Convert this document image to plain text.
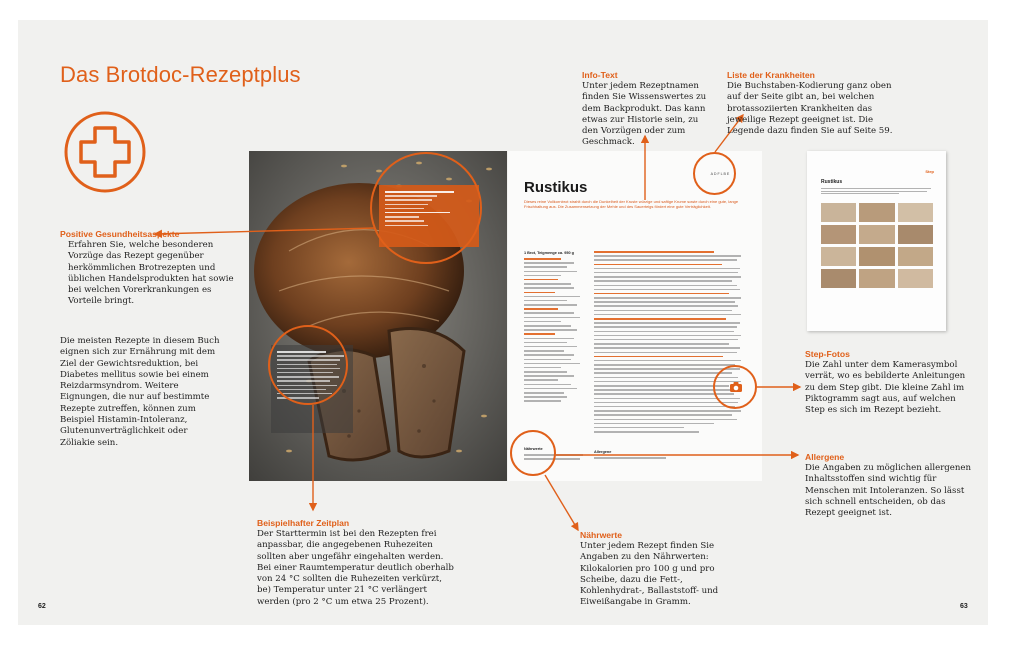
Das Brotdoc-Rezeptplus
Rustikus
Dieses reine Vollkornbrot strahlt durch die Dunkelheit der Kruste würzige und saftige Krume sowie durch eine gute, lange Frischhaltung aus. Die Zusammensetzung der Mehle und des Sauerteigs fördert eine gute Verträglichkeit.
1 Brot, Teigmenge ca. 950 g
Nährwerte
Allergene
A D F L B E
Rustikus
Step
Info-Text

Unter jedem Rezeptnamen finden Sie Wissenswertes zu dem Backprodukt. Das kann etwas zur Historie sein, zu den Vorzügen oder zum Geschmack.

Liste der Krankheiten

Die Buchstaben-Kodierung ganz oben auf der Seite gibt an, bei welchen brotassoziierten Krankheiten das jeweilige Rezept geeignet ist. Die Legende dazu finden Sie auf Seite 59.

Positive Gesundheitsaspekte

Erfahren Sie, welche besonderen Vorzüge das Rezept gegenüber herkömmlichen Brotrezepten und üblichen Handelsprodukten hat sowie bei welchen Vorerkrankungen es Vorteile bringt.

Die meisten Rezepte in diesem Buch eignen sich zur Ernährung mit dem Ziel der Gewichtsreduktion, bei Diabetes mellitus sowie bei einem Reizdarmsyndrom. Weitere Eignungen, die nur auf bestimmte Rezepte zutreffen, können zum Beispiel Histamin-Intoleranz, Glutenunverträglichkeit oder Zöliakie sein.

Beispielhafter Zeitplan

Der Starttermin ist bei den Rezepten frei anpassbar, die angegebenen Ruhezeiten sollten aber ungefähr eingehalten werden. Bei einer Raumtemperatur deutlich oberhalb von 24 °C sollten die Ruhezeiten verkürzt, be) Temperatur unter 21 °C verlängert werden (pro 2 °C um etwa 25 Prozent).

Nährwerte

Unter jedem Rezept finden Sie Angaben zu den Nährwerten: Kilokalorien pro 100 g und pro Scheibe, dazu die Fett-, Kohlenhydrat-, Ballaststoff- und Eiweißangabe in Gramm.

Step-Fotos

Die Zahl unter dem Kamerasymbol verrät, wo es bebilderte Anleitungen zu dem Step gibt. Die kleine Zahl im Piktogramm sagt aus, auf welchen Step es sich im Rezept bezieht.

Allergene

Die Angaben zu möglichen allergenen Inhaltsstoffen sind wichtig für Menschen mit Intoleranzen. So lässt sich schnell entscheiden, ob das Rezept geeignet ist.

62	63
